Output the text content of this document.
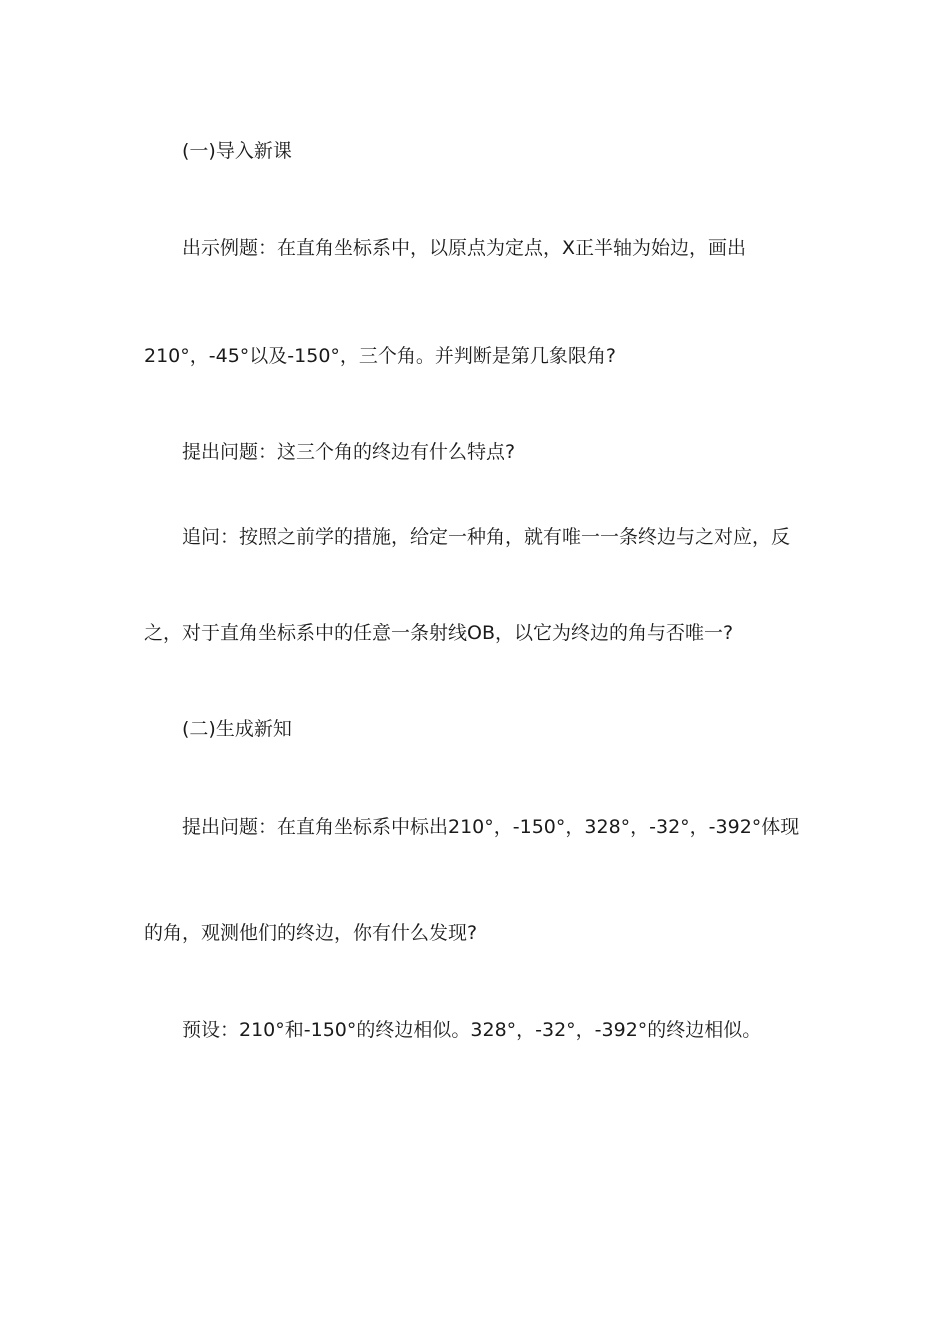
(一)导入新课
出示例题：在直角坐标系中，以原点为定点，X正半轴为始边，画出
210°，-45°以及-150°，三个角。并判断是第几象限角?
提出问题：这三个角的终边有什么特点?
追问：按照之前学的措施，给定一种角，就有唯一一条终边与之对应，反
之，对于直角坐标系中的任意一条射线OB，以它为终边的角与否唯一?
(二)生成新知
提出问题：在直角坐标系中标出210°，-150°，328°，-32°，-392°体现
的角，观测他们的终边，你有什么发现?
预设：210°和-150°的终边相似。328°，-32°，-392°的终边相似。
